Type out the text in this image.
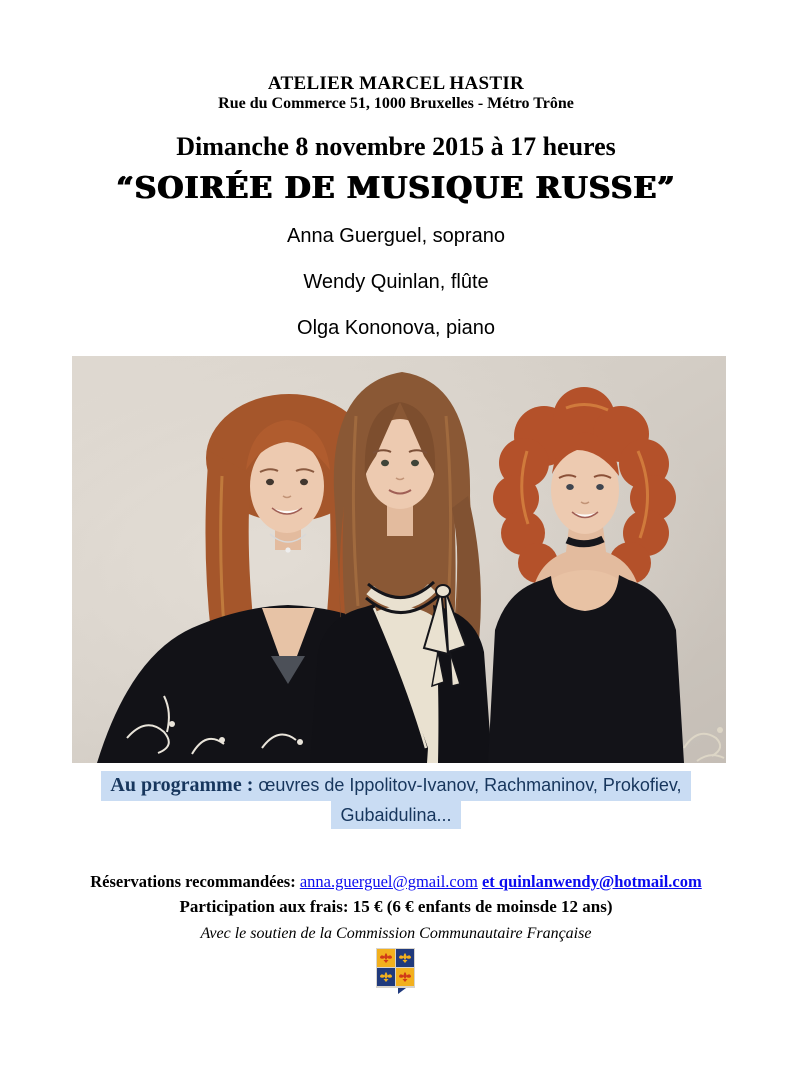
ATELIER MARCEL HASTIR
Rue du Commerce 51, 1000 Bruxelles - Métro Trône
Dimanche 8 novembre 2015 à 17 heures
“SOIRÉE DE MUSIQUE RUSSE”
Anna Guerguel, soprano
Wendy Quinlan, flûte
Olga Kononova, piano
Au programme : œuvres de Ippolitov-Ivanov, Rachmaninov, Prokofiev,
Gubaidulina...
Réservations recommandées: anna.guerguel@gmail.com et quinlanwendy@hotmail.com
Participation aux frais: 15 € (6 € enfants de moinsde 12 ans)
Avec le soutien de la Commission Communautaire Française
